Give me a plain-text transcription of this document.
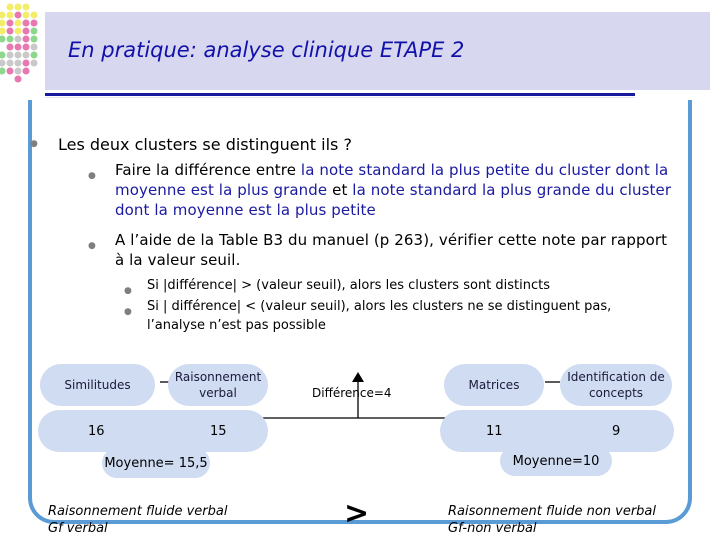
En pratique: analyse clinique ETAPE 2
● Les deux clusters se distinguent ils ?
● Faire la différence entre la note standard la plus petite du cluster dont la moyenne est la plus grande et la note standard la plus grande du cluster dont la moyenne est la plus petite
● A l’aide de la Table B3 du manuel (p 263), vérifier cette note par rapport à la valeur seuil.
● Si |différence| > (valeur seuil), alors les clusters sont distincts
● Si | différence| < (valeur seuil), alors les clusters ne se distinguent pas, l’analyse n’est pas possible
Similitudes
Raisonnement verbal
16	15
Moyenne= 15,5
Différence=4
Matrices
Identification de concepts
11	9
Moyenne=10
Raisonnement fluide verbal
Gf verbal	>	Raisonnement fluide non verbal
Gf-non verbal
